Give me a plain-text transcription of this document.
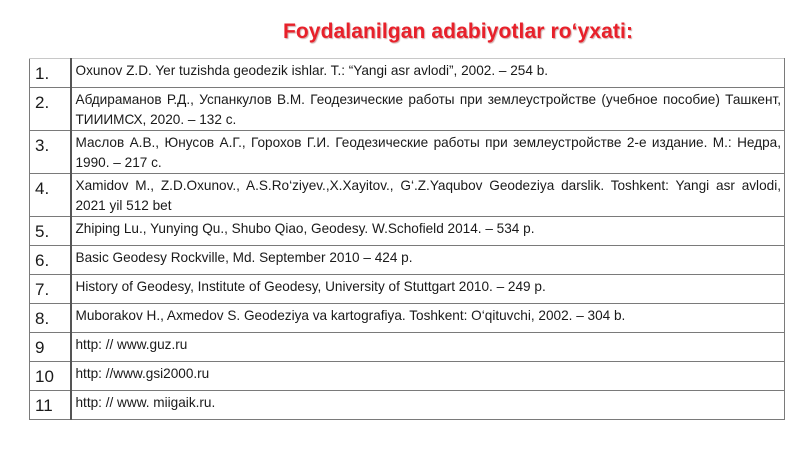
Foydalanilgan adabiyotlar ro‘yxati:
1.	Oxunov Z.D. Yer tuzishda geodezik ishlar. T.: “Yangi asr avlodi”, 2002. – 254 b.
2.	Абдираманов Р.Д., Успанкулов В.М. Геодезические работы при землеустройстве (учебное пособие) Ташкент, ТИИИМСХ, 2020. – 132 с.
3.	Маслов А.В., Юнусов А.Г., Горохов Г.И. Геодезические работы при землеустройстве 2-е издание. М.: Недра, 1990. – 217 с.
4.	Xamidov M., Z.D.Oxunov., A.S.Ro‘ziyev.,X.Xayitov., G‘.Z.Yaqubov Geodeziya darslik. Toshkent: Yangi asr avlodi, 2021 yil 512 bet
5.	Zhiping Lu., Yunying Qu., Shubo Qiao, Geodesy. W.Schofield 2014. – 534 p.
6.	Basic Geodesy Rockville, Md. September 2010 – 424 p.
7.	History of Geodesy, Institute of Geodesy, University of Stuttgart 2010. – 249 p.
8.	Muborakov H., Axmedov S. Geodeziya va kartografiya. Toshkent: O‘qituvchi, 2002. – 304 b.
9	http: // www.guz.ru
10	http: //www.gsi2000.ru
11	http: // www. miigaik.ru.
